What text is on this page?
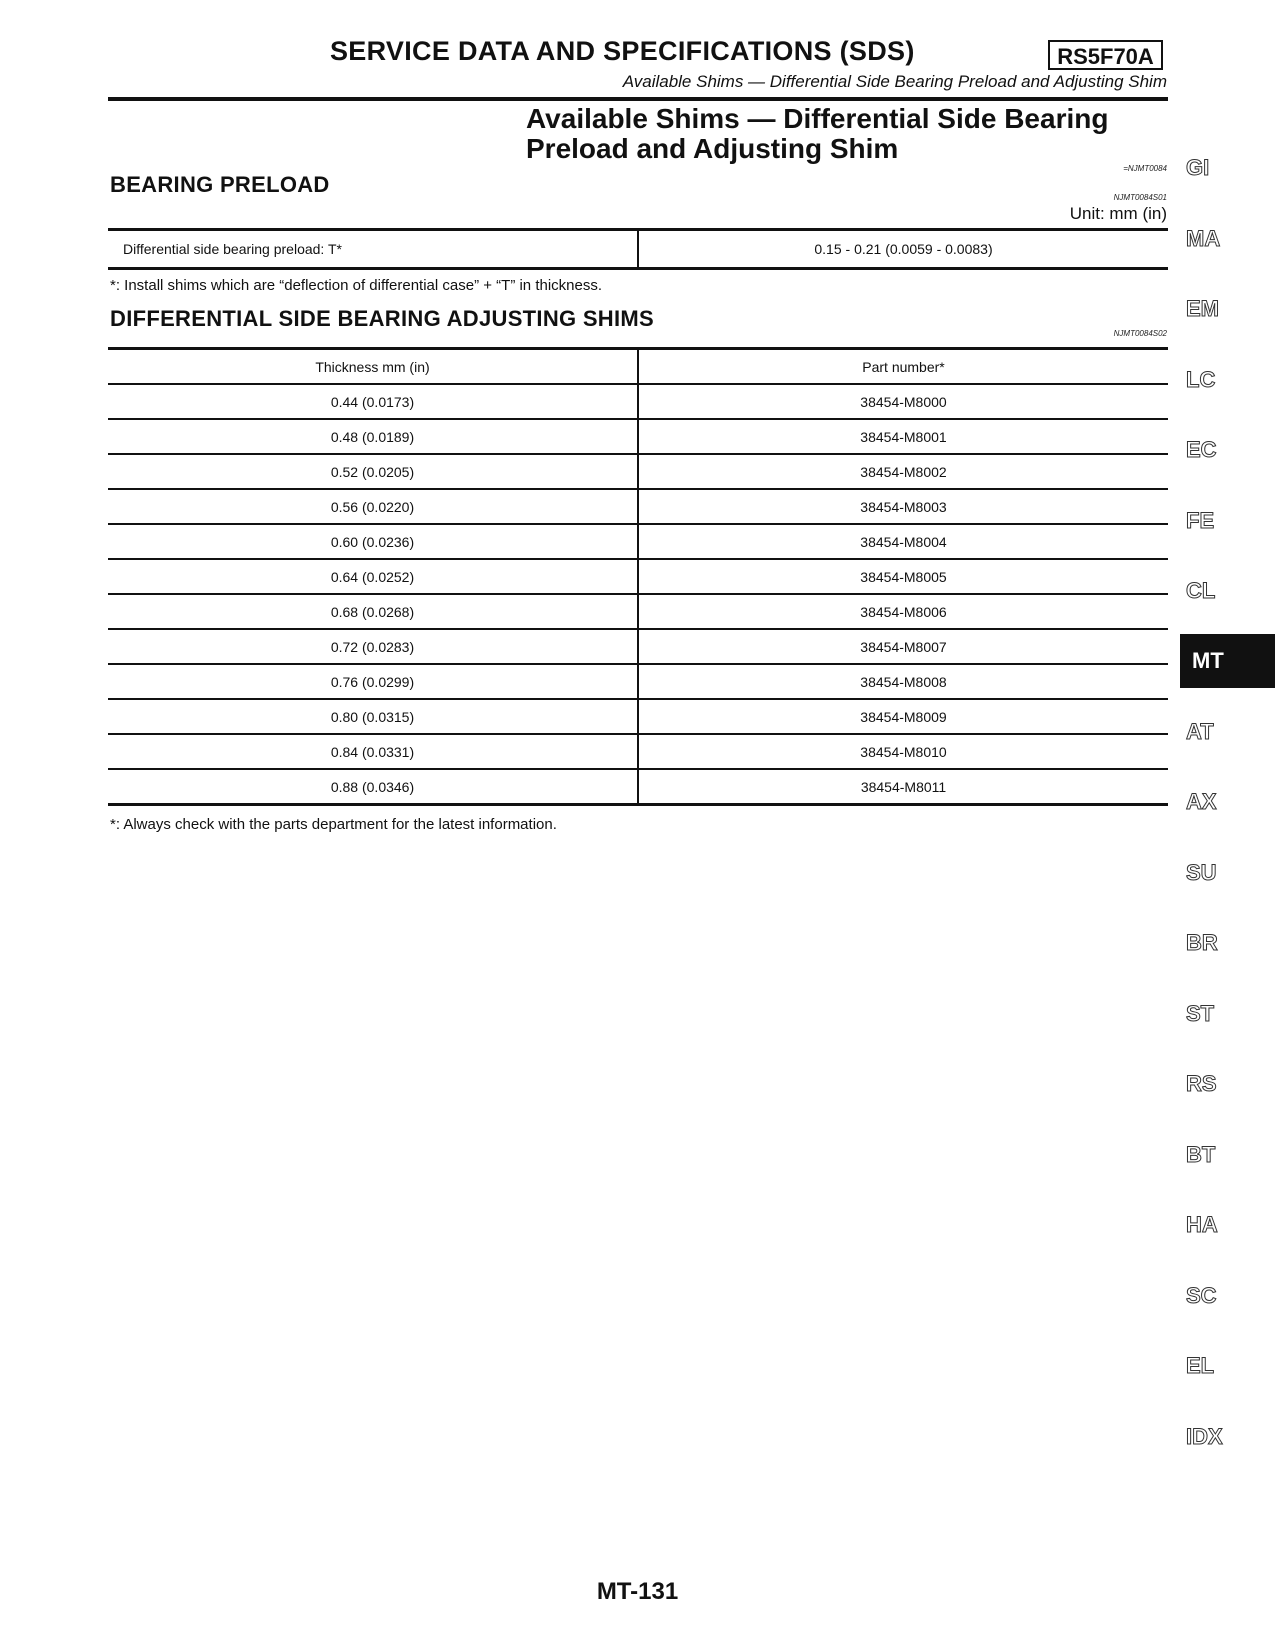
SERVICE DATA AND SPECIFICATIONS (SDS)	RS5F70A
Available Shims — Differential Side Bearing Preload and Adjusting Shim
Available Shims — Differential Side Bearing
Preload and Adjusting Shim
=NJMT0084
BEARING PRELOAD
NJMT0084S01
Unit: mm (in)
Differential side bearing preload: T*	0.15 - 0.21 (0.0059 - 0.0083)
*: Install shims which are “deflection of differential case” + “T” in thickness.
DIFFERENTIAL SIDE BEARING ADJUSTING SHIMS
NJMT0084S02
Thickness mm (in)	Part number*
0.44 (0.0173)	38454-M8000
0.48 (0.0189)	38454-M8001
0.52 (0.0205)	38454-M8002
0.56 (0.0220)	38454-M8003
0.60 (0.0236)	38454-M8004
0.64 (0.0252)	38454-M8005
0.68 (0.0268)	38454-M8006
0.72 (0.0283)	38454-M8007
0.76 (0.0299)	38454-M8008
0.80 (0.0315)	38454-M8009
0.84 (0.0331)	38454-M8010
0.88 (0.0346)	38454-M8011
*: Always check with the parts department for the latest information.
GI
MA
EM
LC
EC
FE
CL
MT
AT
AX
SU
BR
ST
RS
BT
HA
SC
EL
IDX
MT-131
